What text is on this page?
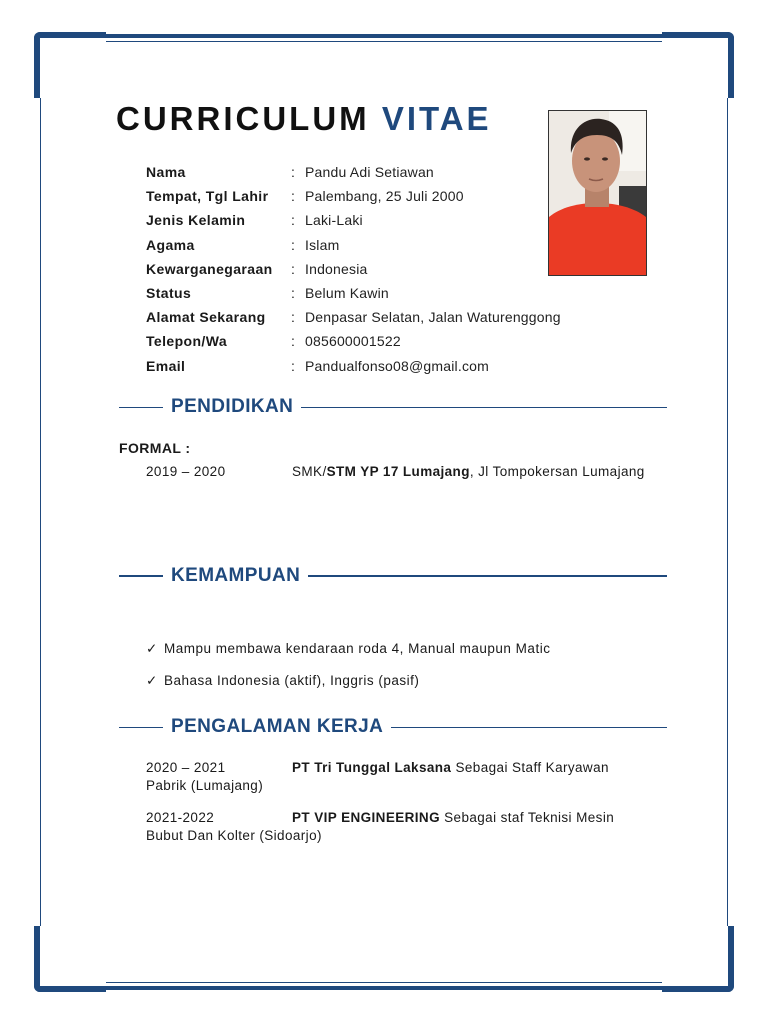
CURRICULUM VITAE
Nama	: Pandu Adi Setiawan
Tempat, Tgl Lahir	: Palembang, 25 Juli 2000
Jenis Kelamin	: Laki-Laki
Agama	: Islam
Kewarganegaraan	: Indonesia
Status	: Belum Kawin
Alamat Sekarang	: Denpasar Selatan, Jalan Waturenggong
Telepon/Wa	: 085600001522
Email	: Pandualfonso08@gmail.com
PENDIDIKAN
FORMAL :
2019 – 2020	SMK/STM YP 17 Lumajang, Jl Tompokersan Lumajang
KEMAMPUAN
✓ Mampu membawa kendaraan roda 4, Manual maupun Matic
✓ Bahasa Indonesia (aktif), Inggris (pasif)
PENGALAMAN KERJA
2020 – 2021	PT Tri Tunggal Laksana Sebagai Staff Karyawan
Pabrik (Lumajang)
2021-2022	PT VIP ENGINEERING Sebagai staf Teknisi Mesin
Bubut Dan Kolter (Sidoarjo)
